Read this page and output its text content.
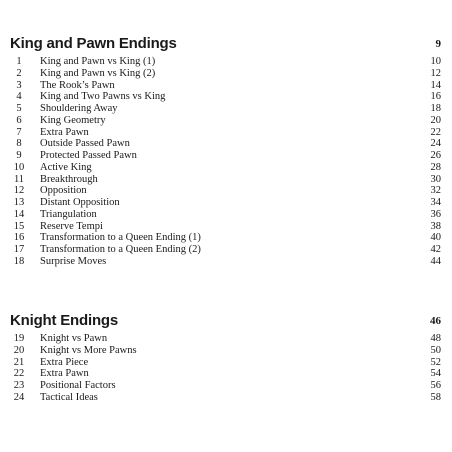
King and Pawn Endings	9
1	King and Pawn vs King (1)	10
2	King and Pawn vs King (2)	12
3	The Rook’s Pawn	14
4	King and Two Pawns vs King	16
5	Shouldering Away	18
6	King Geometry	20
7	Extra Pawn	22
8	Outside Passed Pawn	24
9	Protected Passed Pawn	26
10	Active King	28
11	Breakthrough	30
12	Opposition	32
13	Distant Opposition	34
14	Triangulation	36
15	Reserve Tempi	38
16	Transformation to a Queen Ending (1)	40
17	Transformation to a Queen Ending (2)	42
18	Surprise Moves	44
Knight Endings	46
19	Knight vs Pawn	48
20	Knight vs More Pawns	50
21	Extra Piece	52
22	Extra Pawn	54
23	Positional Factors	56
24	Tactical Ideas	58
